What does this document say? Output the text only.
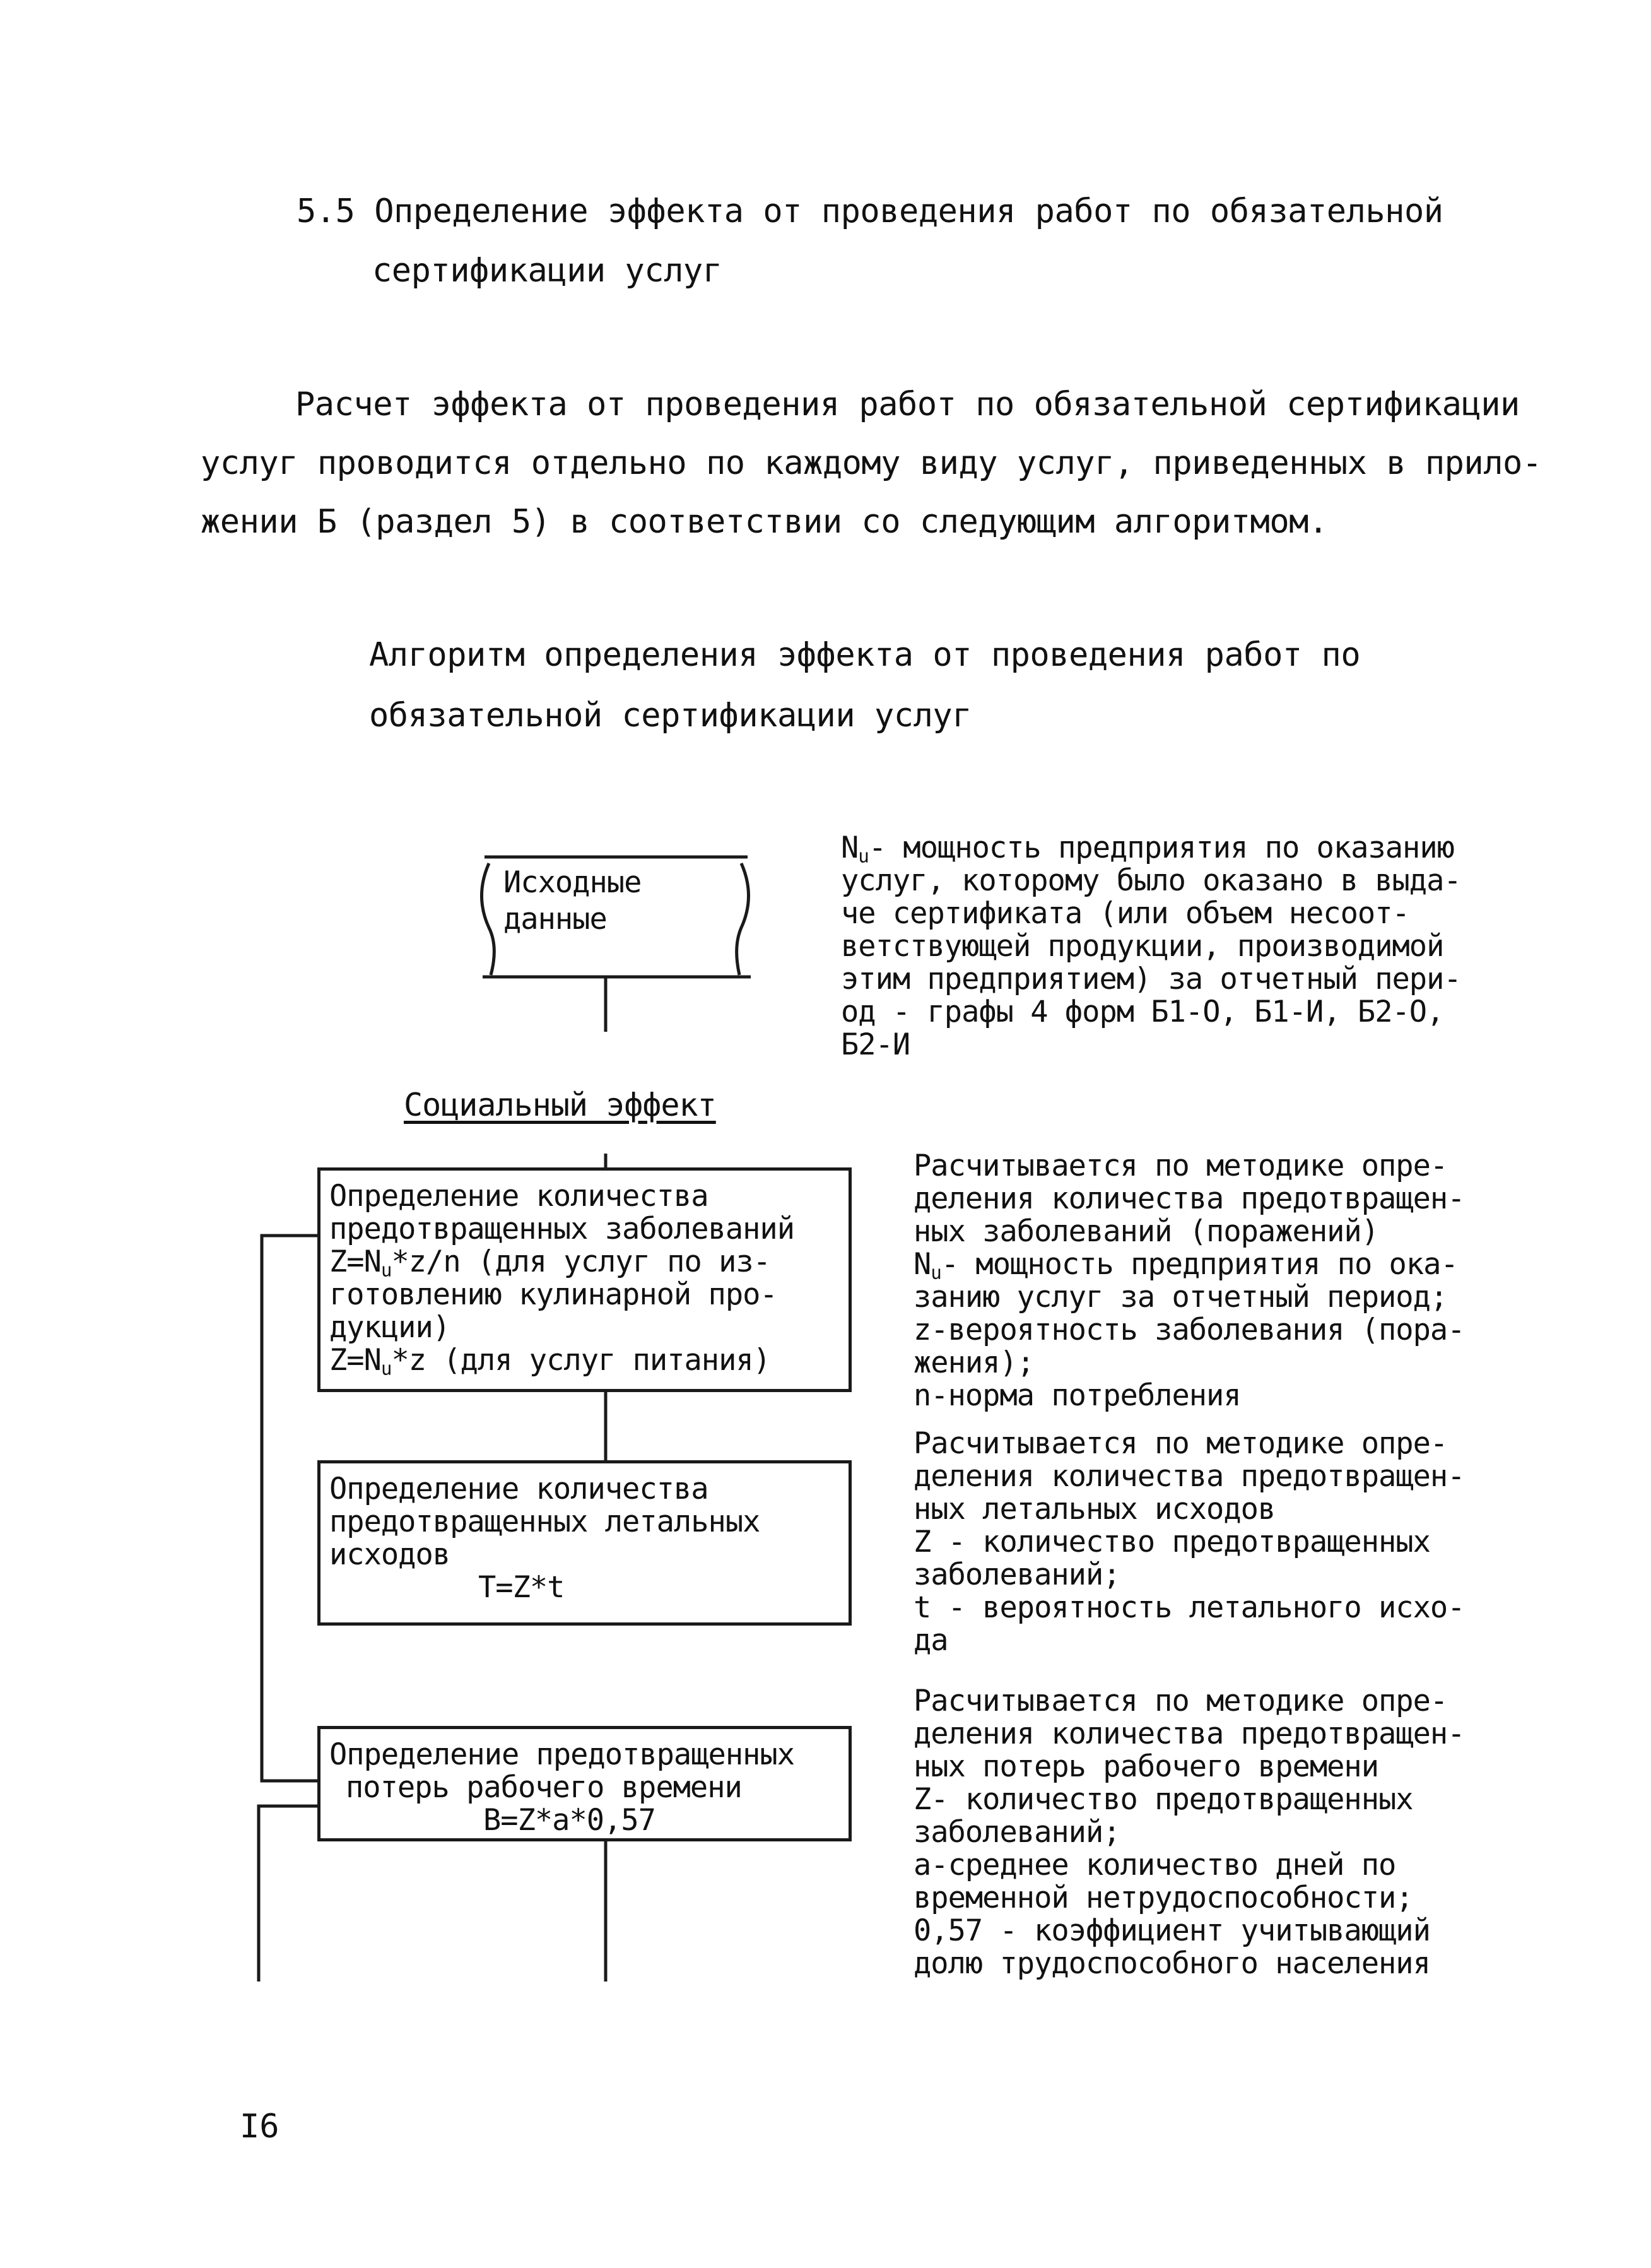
5.5 Определение эффекта от проведения работ по обязательной
сертификации услуг
Расчет эффекта от проведения работ по обязательной сертификации
услуг проводится отдельно по каждому виду услуг, приведенных в прило-
жении Б (раздел 5) в соответствии со следующим алгоритмом.
Алгоритм определения эффекта от проведения работ по
обязательной сертификации услуг
Исходные
данные
Социальный эффект
Определение количества
предотвращенных заболеваний
$Z=N_u*z/n$ (для услуг по из-
готовлению кулинарной про-
дукции)
$Z=N_u*z$ (для услуг питания)
Определение количества
предотвращенных летальных
исходов
T=Z*t
Определение предотвращенных
потерь рабочего времени
B=Z*a*0,57
$N_u-$ мощность предприятия по оказанию
услуг, которому было оказано в выда-
че сертификата (или объем несоот-
ветствующей продукции, производимой
этим предприятием) за отчетный пери-
од - графы 4 форм Б1-О, Б1-И, Б2-О,
Б2-И
Расчитывается по методике опре-
деления количества предотвращен-
ных заболеваний (поражений)
$N_u-$ мощность предприятия по ока-
занию услуг за отчетный период;
z-вероятность заболевания (пора-
жения);
n-норма потребления
Расчитывается по методике опре-
деления количества предотвращен-
ных летальных исходов
Z - количество предотвращенных
заболеваний;
t - вероятность летального исхо-
да
Расчитывается по методике опре-
деления количества предотвращен-
ных потерь рабочего времени
Z- количество предотвращенных
заболеваний;
а-среднее количество дней по
временной нетрудоспособности;
0,57 - коэффициент учитывающий
долю трудоспособного населения
I6
